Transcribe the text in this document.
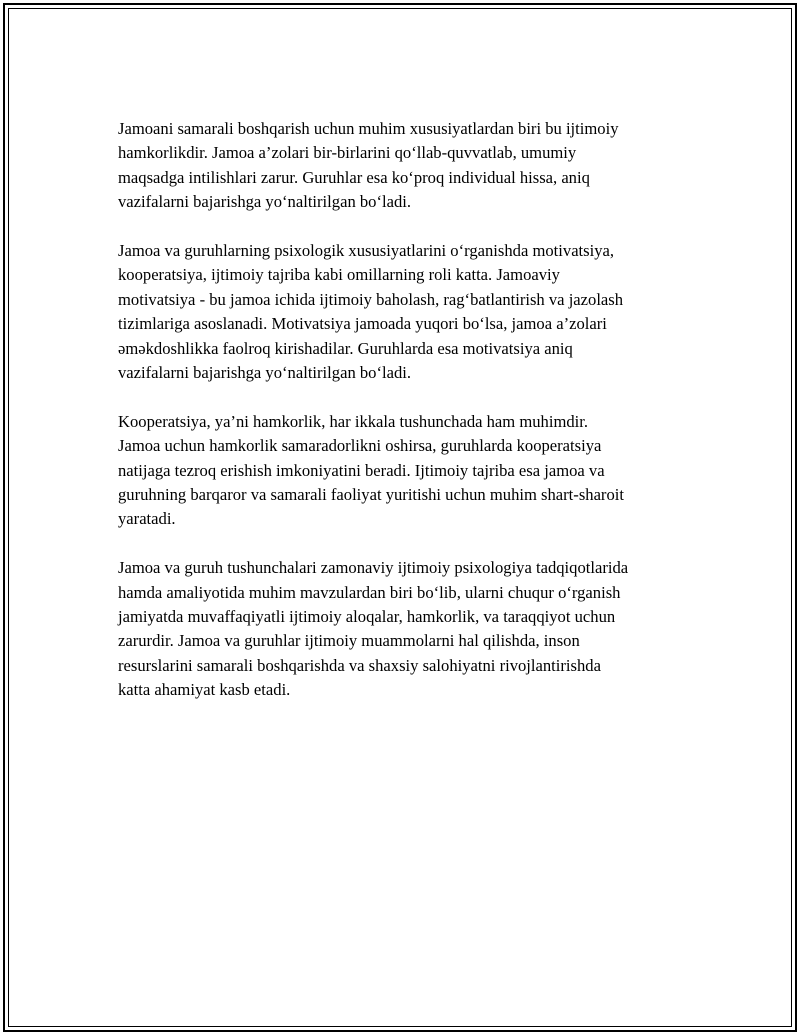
Jamoani samarali boshqarish uchun muhim xususiyatlardan biri bu ijtimoiy
hamkorlikdir. Jamoa a’zolari bir-birlarini qo‘llab-quvvatlab, umumiy
maqsadga intilishlari zarur. Guruhlar esa ko‘proq individual hissa, aniq
vazifalarni bajarishga yo‘naltirilgan bo‘ladi.

Jamoa va guruhlarning psixologik xususiyatlarini o‘rganishda motivatsiya,
kooperatsiya, ijtimoiy tajriba kabi omillarning roli katta. Jamoaviy
motivatsiya - bu jamoa ichida ijtimoiy baholash, rag‘batlantirish va jazolash
tizimlariga asoslanadi. Motivatsiya jamoada yuqori bo‘lsa, jamoa a’zolari
əməkdoshlikka faolroq kirishadilar. Guruhlarda esa motivatsiya aniq
vazifalarni bajarishga yo‘naltirilgan bo‘ladi.

Kooperatsiya, ya’ni hamkorlik, har ikkala tushunchada ham muhimdir.
Jamoa uchun hamkorlik samaradorlikni oshirsa, guruhlarda kooperatsiya
natijaga tezroq erishish imkoniyatini beradi. Ijtimoiy tajriba esa jamoa va
guruhning barqaror va samarali faoliyat yuritishi uchun muhim shart-sharoit
yaratadi.

Jamoa va guruh tushunchalari zamonaviy ijtimoiy psixologiya tadqiqotlarida
hamda amaliyotida muhim mavzulardan biri bo‘lib, ularni chuqur o‘rganish
jamiyatda muvaffaqiyatli ijtimoiy aloqalar, hamkorlik, va taraqqiyot uchun
zarurdir. Jamoa va guruhlar ijtimoiy muammolarni hal qilishda, inson
resurslarini samarali boshqarishda va shaxsiy salohiyatni rivojlantirishda
katta ahamiyat kasb etadi.
